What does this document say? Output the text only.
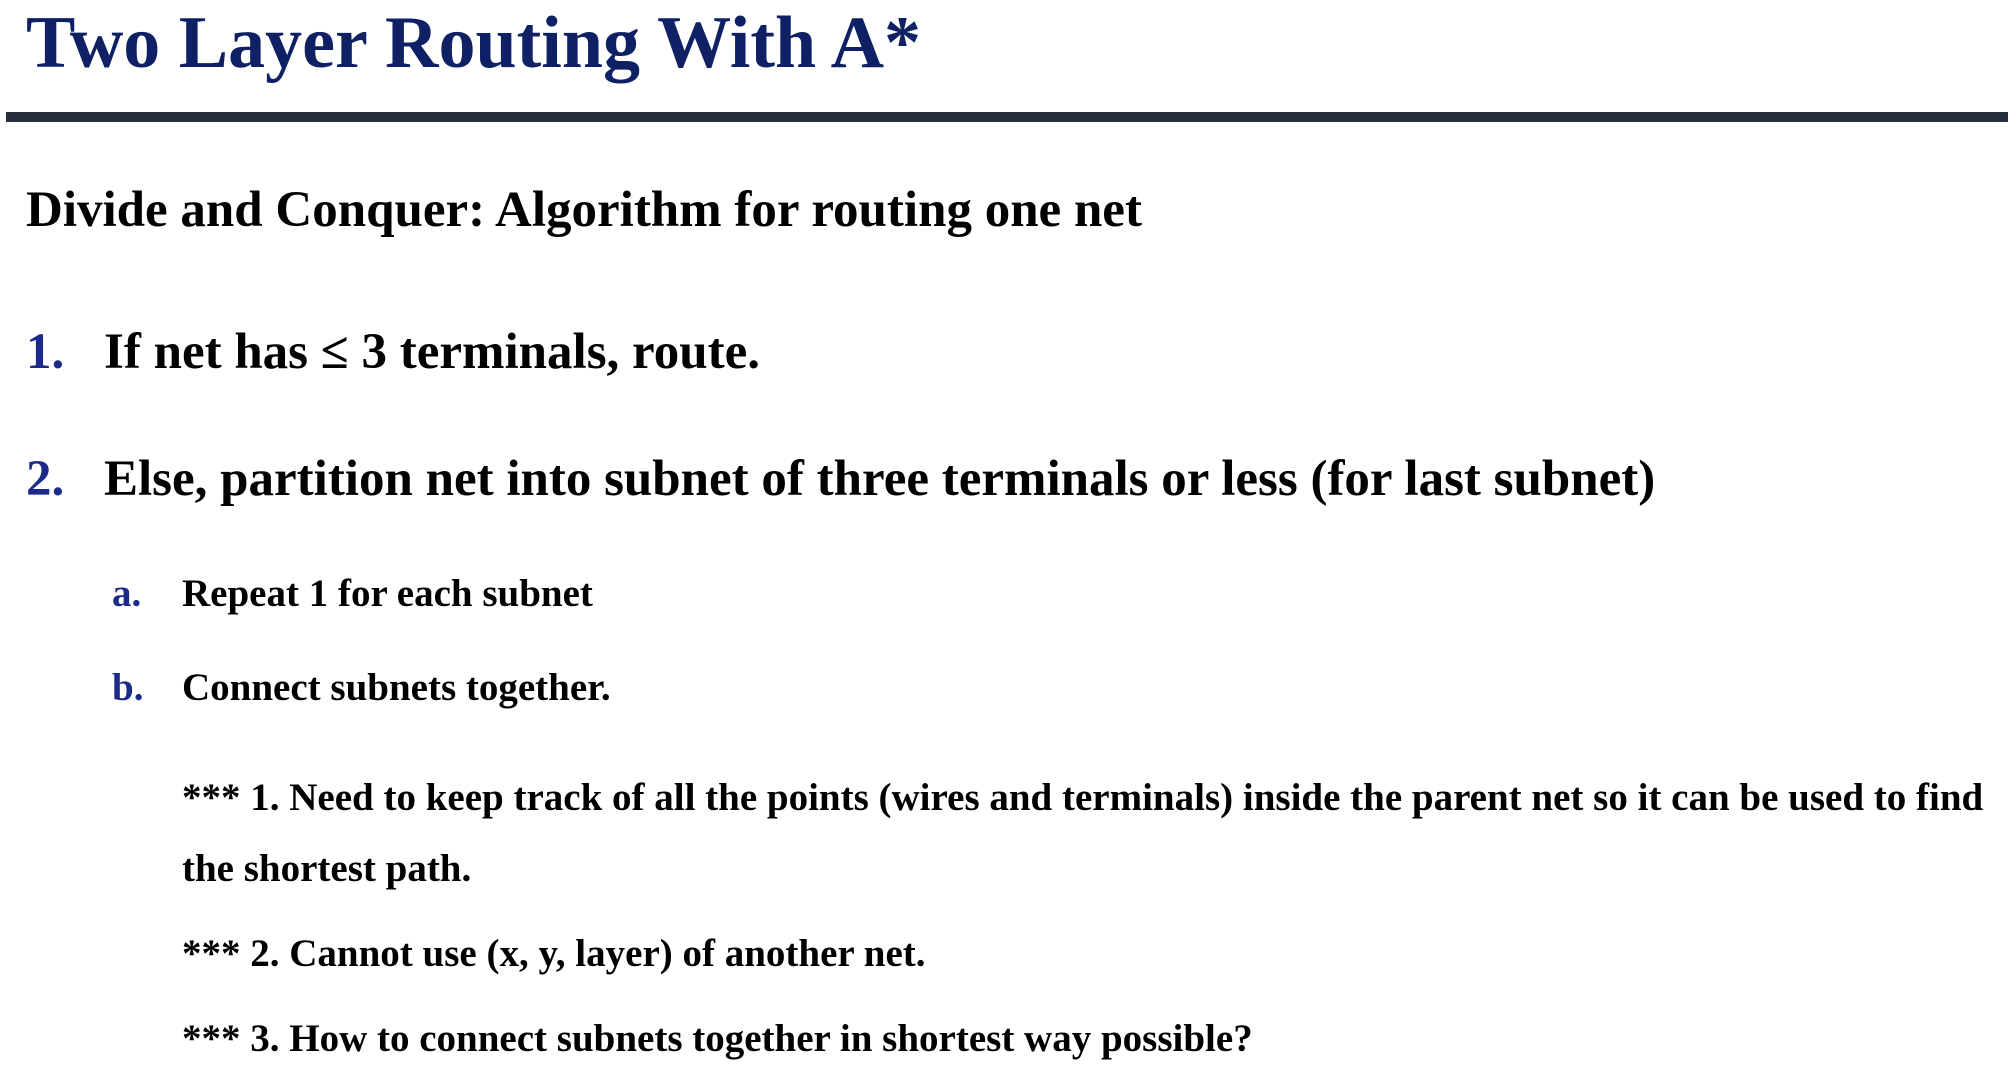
Two Layer Routing With A*
Divide and Conquer: Algorithm for routing one net
1. If net has ≤ 3 terminals, route.
2. Else, partition net into subnet of three terminals or less (for last subnet)
a. Repeat 1 for each subnet
b. Connect subnets together.

*** 1. Need to keep track of all the points (wires and terminals) inside the parent net so it can be used to find the shortest path.

*** 2. Cannot use (x, y, layer) of another net.

*** 3. How to connect subnets together in shortest way possible?
